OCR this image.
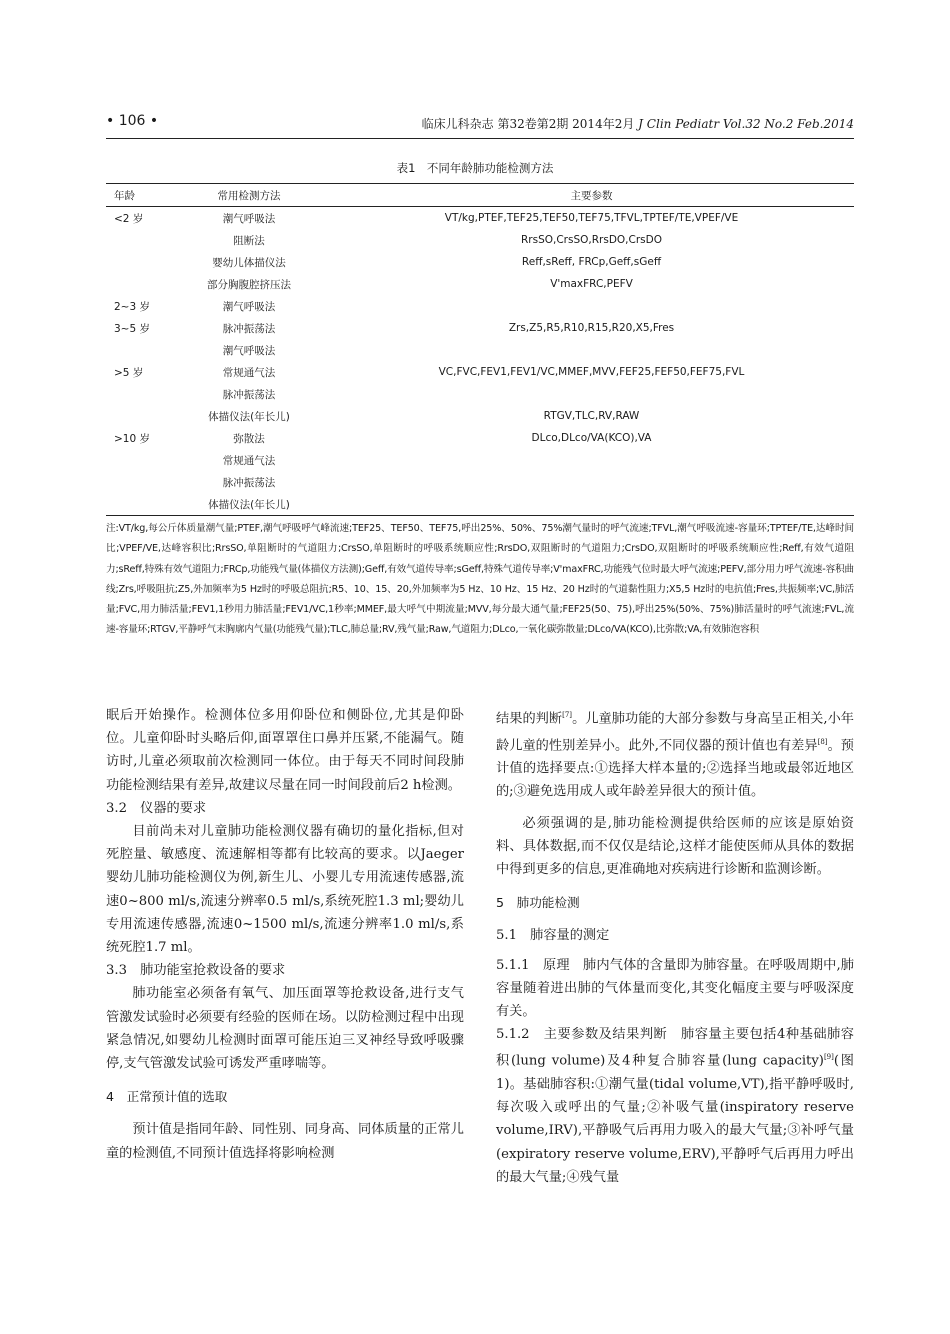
• 106 •	临床儿科杂志 第32卷第2期 2014年2月 J Clin Pediatr Vol.32 No.2 Feb.2014
表1　不同年龄肺功能检测方法
年龄	常用检测方法	主要参数
<2 岁	潮气呼吸法	VT/kg,PTEF,TEF25,TEF50,TEF75,TFVL,TPTEF/TE,VPEF/VE
	阻断法	RrsSO,CrsSO,RrsDO,CrsDO
	婴幼儿体描仪法	Reff,sReff, FRCp,Geff,sGeff
	部分胸腹腔挤压法	V'maxFRC,PEFV
2~3 岁	潮气呼吸法	
3~5 岁	脉冲振荡法	Zrs,Z5,R5,R10,R15,R20,X5,Fres
	潮气呼吸法	
>5 岁	常规通气法	VC,FVC,FEV1,FEV1/VC,MMEF,MVV,FEF25,FEF50,FEF75,FVL
	脉冲振荡法	
	体描仪法(年长儿)	RTGV,TLC,RV,RAW
>10 岁	弥散法	DLco,DLco/VA(KCO),VA
	常规通气法	
	脉冲振荡法	
	体描仪法(年长儿)	
注:VT/kg,每公斤体质量潮气量;PTEF,潮气呼吸呼气峰流速;TEF25、TEF50、TEF75,呼出25%、50%、75%潮气量时的呼气流速;TFVL,潮气呼吸流速-容量环;TPTEF/TE,达峰时间比;VPEF/VE,达峰容积比;RrsSO,单阻断时的气道阻力;CrsSO,单阻断时的呼吸系统顺应性;RrsDO,双阻断时的气道阻力;CrsDO,双阻断时的呼吸系统顺应性;Reff,有效气道阻力;sReff,特殊有效气道阻力;FRCp,功能残气量(体描仪方法测);Geff,有效气道传导率;sGeff,特殊气道传导率;V'maxFRC,功能残气位时最大呼气流速;PEFV,部分用力呼气流速-容积曲线;Zrs,呼吸阻抗;Z5,外加频率为5 Hz时的呼吸总阻抗;R5、10、15、20,外加频率为5 Hz、10 Hz、15 Hz、20 Hz时的气道黏性阻力;X5,5 Hz时的电抗值;Fres,共振频率;VC,肺活量;FVC,用力肺活量;FEV1,1秒用力肺活量;FEV1/VC,1秒率;MMEF,最大呼气中期流量;MVV,每分最大通气量;FEF25(50、75),呼出25%(50%、75%)肺活量时的呼气流速;FVL,流速-容量环;RTGV,平静呼气末胸廓内气量(功能残气量);TLC,肺总量;RV,残气量;Raw,气道阻力;DLco,一氧化碳弥散量;DLco/VA(KCO),比弥散;VA,有效肺泡容积

眠后开始操作。检测体位多用仰卧位和侧卧位,尤其是仰卧位。儿童仰卧时头略后仰,面罩罩住口鼻并压紧,不能漏气。随访时,儿童必须取前次检测同一体位。由于每天不同时间段肺功能检测结果有差异,故建议尽量在同一时间段前后2 h检测。

3.2　仪器的要求

目前尚未对儿童肺功能检测仪器有确切的量化指标,但对死腔量、敏感度、流速解相等都有比较高的要求。以Jaeger婴幼儿肺功能检测仪为例,新生儿、小婴儿专用流速传感器,流速0~800 ml/s,流速分辨率0.5 ml/s,系统死腔1.3 ml;婴幼儿专用流速传感器,流速0~1500 ml/s,流速分辨率1.0 ml/s,系统死腔1.7 ml。

3.3　肺功能室抢救设备的要求

肺功能室必须备有氧气、加压面罩等抢救设备,进行支气管激发试验时必须要有经验的医师在场。以防检测过程中出现紧急情况,如婴幼儿检测时面罩可能压迫三叉神经导致呼吸骤停,支气管激发试验可诱发严重哮喘等。

4　正常预计值的选取

预计值是指同年龄、同性别、同身高、同体质量的正常儿童的检测值,不同预计值选择将影响检测

结果的判断[7]。儿童肺功能的大部分参数与身高呈正相关,小年龄儿童的性别差异小。此外,不同仪器的预计值也有差异[8]。预计值的选择要点:①选择大样本量的;②选择当地或最邻近地区的;③避免选用成人或年龄差异很大的预计值。

必须强调的是,肺功能检测提供给医师的应该是原始资料、具体数据,而不仅仅是结论,这样才能使医师从具体的数据中得到更多的信息,更准确地对疾病进行诊断和监测诊断。

5　肺功能检测

5.1　肺容量的测定

5.1.1　原理　肺内气体的含量即为肺容量。在呼吸周期中,肺容量随着进出肺的气体量而变化,其变化幅度主要与呼吸深度有关。

5.1.2　主要参数及结果判断　肺容量主要包括4种基础肺容积(lung volume)及4种复合肺容量(lung capacity)[9](图1)。基础肺容积:①潮气量(tidal volume,VT),指平静呼吸时,每次吸入或呼出的气量;②补吸气量(inspiratory reserve volume,IRV),平静吸气后再用力吸入的最大气量;③补呼气量(expiratory reserve volume,ERV),平静呼气后再用力呼出的最大气量;④残气量
